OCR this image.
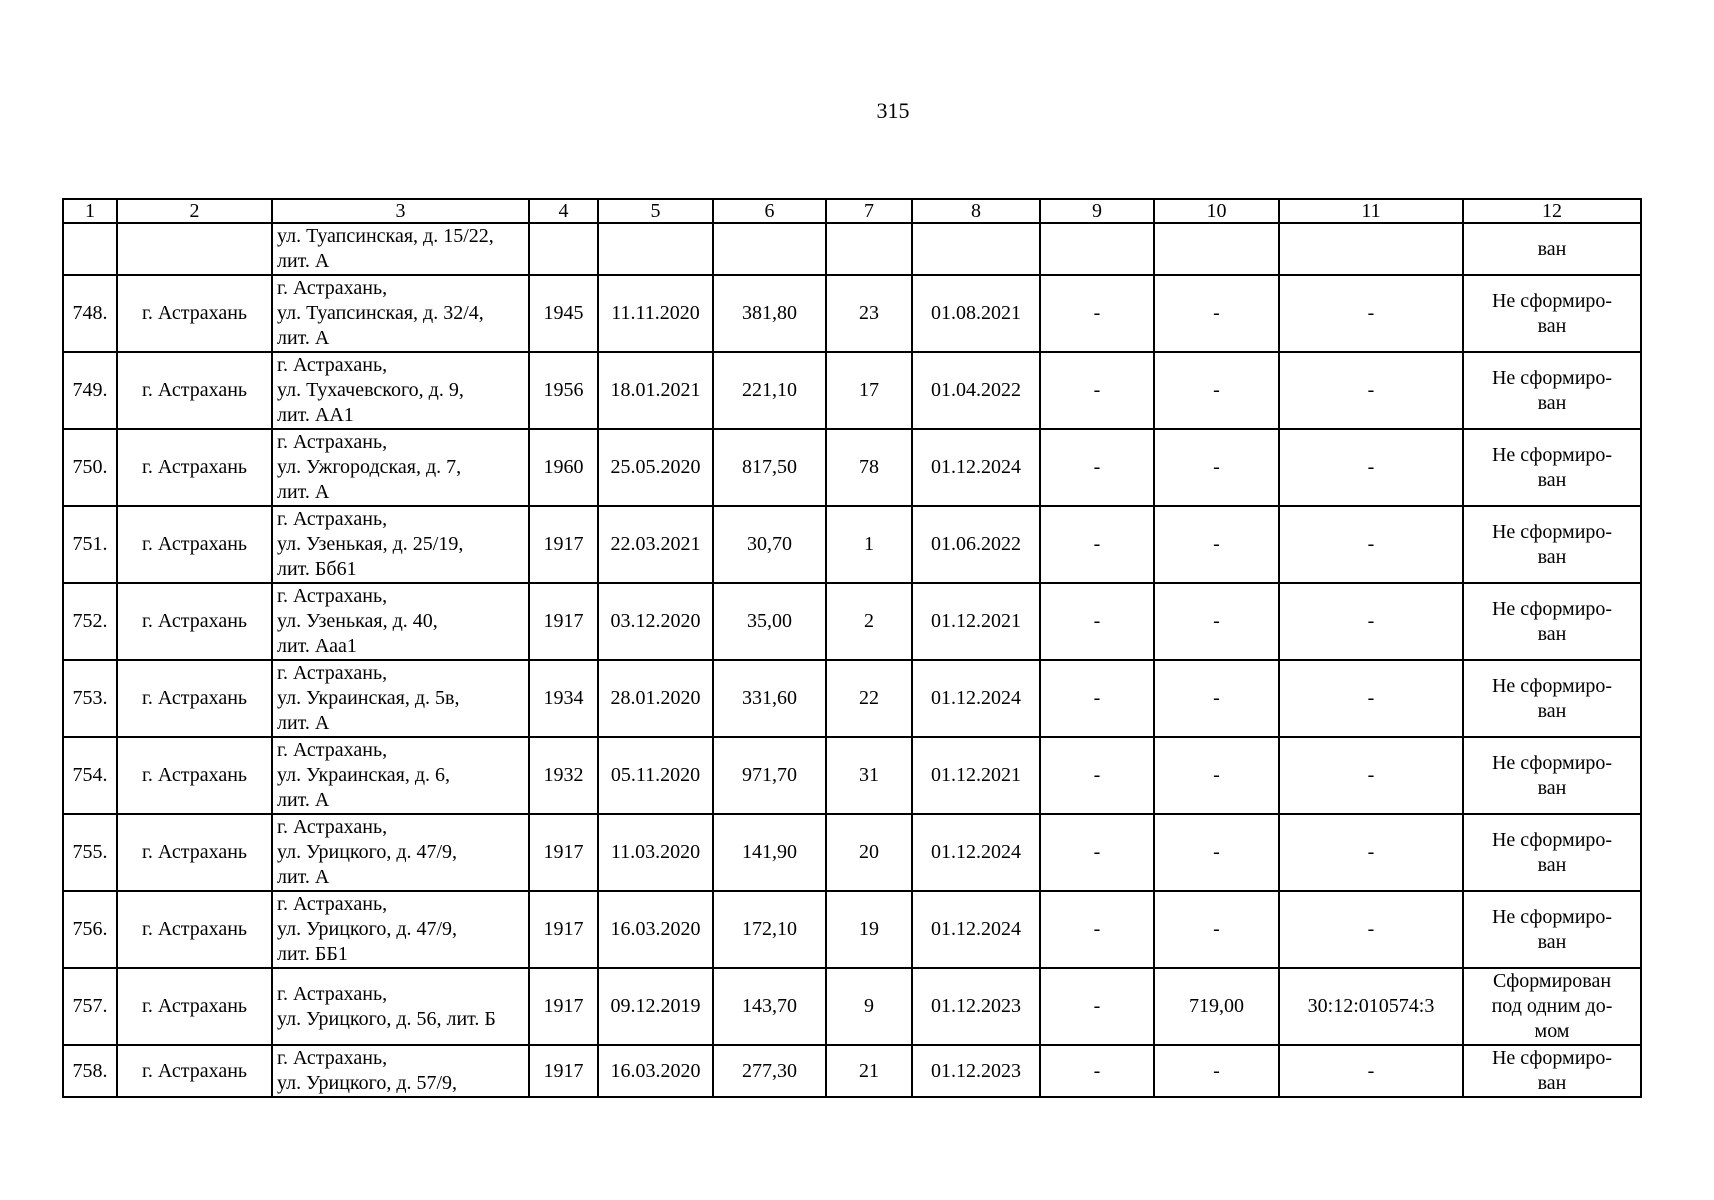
315
1	2	3	4	5	6	7	8	9	10	11	12

		ул. Туапсинская, д. 15/22,
лит. А									ван

748.	г. Астрахань	г. Астрахань,
ул. Туапсинская, д. 32/4,
лит. А	1945	11.11.2020	381,80	23	01.08.2021	-	-	-	Не сформиро-
ван

749.	г. Астрахань	г. Астрахань,
ул. Тухачевского, д. 9,
лит. АА1	1956	18.01.2021	221,10	17	01.04.2022	-	-	-	Не сформиро-
ван

750.	г. Астрахань	г. Астрахань,
ул. Ужгородская, д. 7,
лит. А	1960	25.05.2020	817,50	78	01.12.2024	-	-	-	Не сформиро-
ван

751.	г. Астрахань	г. Астрахань,
ул. Узенькая, д. 25/19,
лит. Бб61	1917	22.03.2021	30,70	1	01.06.2022	-	-	-	Не сформиро-
ван

752.	г. Астрахань	г. Астрахань,
ул. Узенькая, д. 40,
лит. Ааа1	1917	03.12.2020	35,00	2	01.12.2021	-	-	-	Не сформиро-
ван

753.	г. Астрахань	г. Астрахань,
ул. Украинская, д. 5в,
лит. А	1934	28.01.2020	331,60	22	01.12.2024	-	-	-	Не сформиро-
ван

754.	г. Астрахань	г. Астрахань,
ул. Украинская, д. 6,
лит. А	1932	05.11.2020	971,70	31	01.12.2021	-	-	-	Не сформиро-
ван

755.	г. Астрахань	г. Астрахань,
ул. Урицкого, д. 47/9,
лит. А	1917	11.03.2020	141,90	20	01.12.2024	-	-	-	Не сформиро-
ван

756.	г. Астрахань	г. Астрахань,
ул. Урицкого, д. 47/9,
лит. ББ1	1917	16.03.2020	172,10	19	01.12.2024	-	-	-	Не сформиро-
ван

757.	г. Астрахань	г. Астрахань,
ул. Урицкого, д. 56, лит. Б	1917	09.12.2019	143,70	9	01.12.2023	-	719,00	30:12:010574:3	Сформирован
под одним до-
мом

758.	г. Астрахань	г. Астрахань,
ул. Урицкого, д. 57/9,	1917	16.03.2020	277,30	21	01.12.2023	-	-	-	Не сформиро-
ван
